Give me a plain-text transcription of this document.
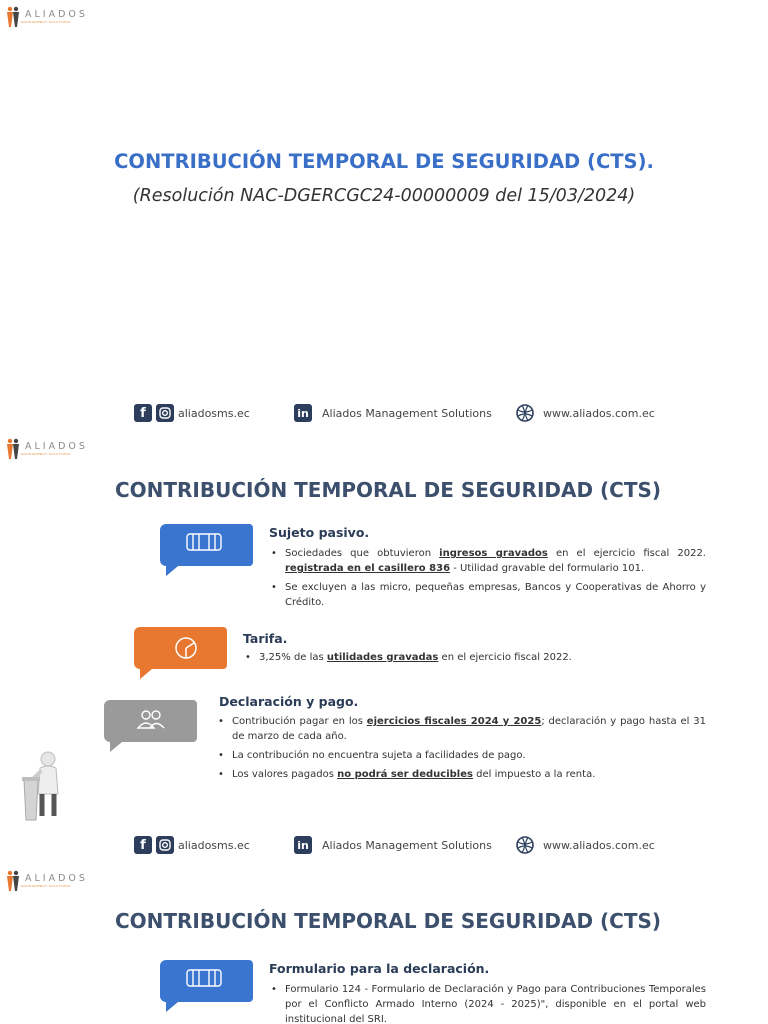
ALIADOS
MANAGEMENT SOLUTIONS
CONTRIBUCIÓN TEMPORAL DE SEGURIDAD (CTS).
(Resolución NAC-DGERCGC24-00000009 del 15/03/2024)
f	aliadosms.ec	in Aliados Management Solutions	www.aliados.com.ec
ALIADOS
MANAGEMENT SOLUTIONS
CONTRIBUCIÓN TEMPORAL DE SEGURIDAD (CTS)
Sujeto pasivo.
• Sociedades que obtuvieron ingresos gravados en el ejercicio fiscal 2022. registrada en el casillero 836 - Utilidad gravable del formulario 101.
• Se excluyen a las micro, pequeñas empresas, Bancos y Cooperativas de Ahorro y Crédito.
Tarifa.
• 3,25% de las utilidades gravadas en el ejercicio fiscal 2022.
Declaración y pago.
• Contribución pagar en los ejercicios fiscales 2024 y 2025; declaración y pago hasta el 31 de marzo de cada año.
• La contribución no encuentra sujeta a facilidades de pago.
• Los valores pagados no podrá ser deducibles del impuesto a la renta.
f	aliadosms.ec	in Aliados Management Solutions	www.aliados.com.ec
ALIADOS
MANAGEMENT SOLUTIONS
CONTRIBUCIÓN TEMPORAL DE SEGURIDAD (CTS)
Formulario para la declaración.
• Formulario 124 - Formulario de Declaración y Pago para Contribuciones Temporales por el Conflicto Armado Interno (2024 - 2025)", disponible en el portal web institucional del SRI.
